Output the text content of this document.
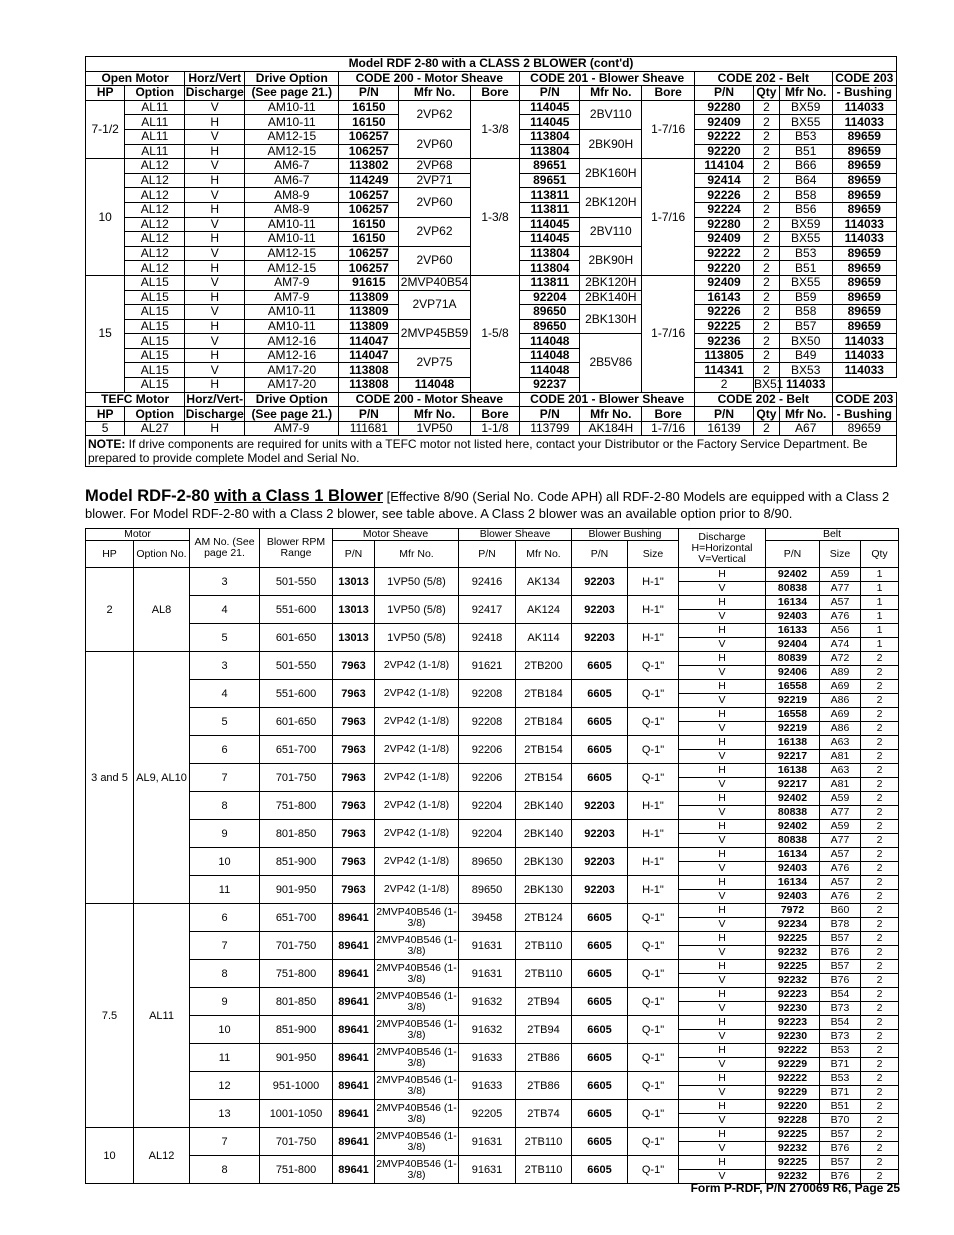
Model RDF 2-80 with a CLASS 2 BLOWER (cont'd)													
Open Motor		Horz/Vert	Drive Option	CODE 200 - Motor Sheave			CODE 201 - Blower Sheave			CODE 202 - Belt			CODE 203
HP	Option	Discharge	(See page 21.)	P/N	Mfr No.	Bore	P/N	Mfr No.	Bore	P/N	Qty	Mfr No.	- Bushing
7-1/2	AL11	V	AM10-11	16150	2VP62	1-3/8	114045	2BV110	1-7/16	92280	2	BX59	114033
	AL11	H	AM10-11	16150			114045			92409	2	BX55	114033
	AL11	V	AM12-15	106257	2VP60		113804	2BK90H		92222	2	B53	89659
	AL11	H	AM12-15	106257			113804			92220	2	B51	89659
10	AL12	V	AM6-7	113802	2VP68	1-3/8	89651	2BK160H	1-7/16	114104	2	B66	89659
	AL12	H	AM6-7	114249	2VP71		89651			92414	2	B64	89659
	AL12	V	AM8-9	106257	2VP60		113811	2BK120H		92226	2	B58	89659
	AL12	H	AM8-9	106257			113811			92224	2	B56	89659
	AL12	V	AM10-11	16150	2VP62		114045	2BV110		92280	2	BX59	114033
	AL12	H	AM10-11	16150			114045			92409	2	BX55	114033
	AL12	V	AM12-15	106257	2VP60		113804	2BK90H		92222	2	B53	89659
	AL12	H	AM12-15	106257			113804			92220	2	B51	89659
15	AL15	V	AM7-9	91615	2MVP40B54	1-5/8	113811	2BK120H	1-7/16	92409	2	BX55	89659
	AL15	H	AM7-9	113809	2VP71A		92204	2BK140H		16143	2	B59	89659
	AL15	V	AM10-11	113809			89650	2BK130H		92226	2	B58	89659
	AL15	H	AM10-11	113809	2MVP45B59		89650			92225	2	B57	89659
	AL15	V	AM12-16	114047			114048	2B5V86		92236	2	BX50	114033
	AL15	H	AM12-16	114047	2VP75		114048			113805	2	B49	114033
	AL15	V	AM17-20	113808			114048			114341	2	BX53	114033
	AL15	H	AM17-20	113808	114048		92237			2	BX51	114033	
TEFC Motor		Horz/Vert-	Drive Option	CODE 200 - Motor Sheave			CODE 201 - Blower Sheave			CODE 202 - Belt			CODE 203
HP	Option	Discharge	(See page 21.)	P/N	Mfr No.	Bore	P/N	Mfr No.	Bore	P/N	Qty	Mfr No.	- Bushing
5	AL27	H	AM7-9	111681	1VP50	1-1/8	113799	AK184H	1-7/16	16139	2	A67	89659
NOTE: If drive components are required for units with a TEFC motor not listed here, contact your Distributor or the Factory Service Department. Be prepared to provide complete Model and Serial No.													
Model RDF-2-80 with a Class 1 Blower [Effective 8/90 (Serial No. Code APH) all RDF-2-80 Models are equipped with a Class 2 blower. For Model RDF-2-80 with a Class 2 blower, see table above. A Class 2 blower was an available option prior to 8/90.
Motor		AM No. (See page 21.	Blower RPM Range	Motor Sheave		Blower Sheave		Blower Bushing		Discharge H=Horizontal V=Vertical	Belt		
HP	Option No.			P/N	Mfr No.	P/N	Mfr No.	P/N	Size		P/N	Size	Qty
2	AL8	3	501-550	13013	1VP50 (5/8)	92416	AK134	92203	H-1"	H	92402	A59	1
										V	80838	A77	1
		4	551-600	13013	1VP50 (5/8)	92417	AK124	92203	H-1"	H	16134	A57	1
										V	92403	A76	1
		5	601-650	13013	1VP50 (5/8)	92418	AK114	92203	H-1"	H	16133	A56	1
										V	92404	A74	1
3 and 5	AL9, AL10	3	501-550	7963	2VP42 (1-1/8)	91621	2TB200	6605	Q-1"	H	80839	A72	2
										V	92406	A89	2
		4	551-600	7963	2VP42 (1-1/8)	92208	2TB184	6605	Q-1"	H	16558	A69	2
										V	92219	A86	2
		5	601-650	7963	2VP42 (1-1/8)	92208	2TB184	6605	Q-1"	H	16558	A69	2
										V	92219	A86	2
		6	651-700	7963	2VP42 (1-1/8)	92206	2TB154	6605	Q-1"	H	16138	A63	2
										V	92217	A81	2
		7	701-750	7963	2VP42 (1-1/8)	92206	2TB154	6605	Q-1"	H	16138	A63	2
										V	92217	A81	2
		8	751-800	7963	2VP42 (1-1/8)	92204	2BK140	92203	H-1"	H	92402	A59	2
										V	80838	A77	2
		9	801-850	7963	2VP42 (1-1/8)	92204	2BK140	92203	H-1"	H	92402	A59	2
										V	80838	A77	2
		10	851-900	7963	2VP42 (1-1/8)	89650	2BK130	92203	H-1"	H	16134	A57	2
										V	92403	A76	2
		11	901-950	7963	2VP42 (1-1/8)	89650	2BK130	92203	H-1"	H	16134	A57	2
										V	92403	A76	2
7.5	AL11	6	651-700	89641	2MVP40B546 (1-3/8)	39458	2TB124	6605	Q-1"	H	7972	B60	2
										V	92234	B78	2
		7	701-750	89641	2MVP40B546 (1-3/8)	91631	2TB110	6605	Q-1"	H	92225	B57	2
										V	92232	B76	2
		8	751-800	89641	2MVP40B546 (1-3/8)	91631	2TB110	6605	Q-1"	H	92225	B57	2
										V	92232	B76	2
		9	801-850	89641	2MVP40B546 (1-3/8)	91632	2TB94	6605	Q-1"	H	92223	B54	2
										V	92230	B73	2
		10	851-900	89641	2MVP40B546 (1-3/8)	91632	2TB94	6605	Q-1"	H	92223	B54	2
										V	92230	B73	2
		11	901-950	89641	2MVP40B546 (1-3/8)	91633	2TB86	6605	Q-1"	H	92222	B53	2
										V	92229	B71	2
		12	951-1000	89641	2MVP40B546 (1-3/8)	91633	2TB86	6605	Q-1"	H	92222	B53	2
										V	92229	B71	2
		13	1001-1050	89641	2MVP40B546 (1-3/8)	92205	2TB74	6605	Q-1"	H	92220	B51	2
										V	92228	B70	2
10	AL12	7	701-750	89641	2MVP40B546 (1-3/8)	91631	2TB110	6605	Q-1"	H	92225	B57	2
										V	92232	B76	2
		8	751-800	89641	2MVP40B546 (1-3/8)	91631	2TB110	6605	Q-1"	H	92225	B57	2
										V	92232	B76	2
Form P-RDF, P/N 270069 R6, Page 25
